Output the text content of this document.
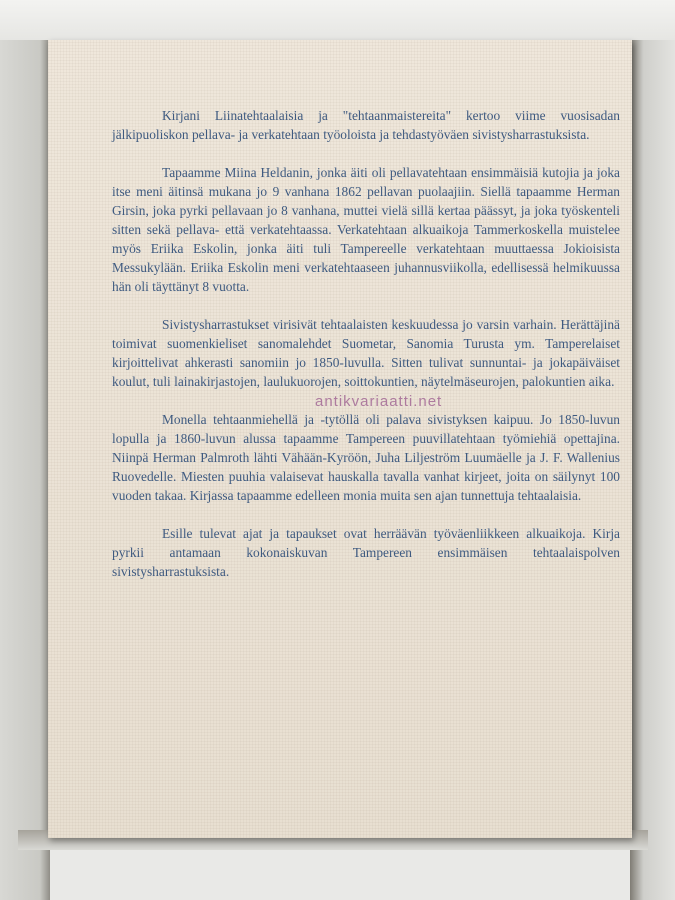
Kirjani Liinatehtaalaisia ja "tehtaanmaistereita" kertoo viime vuosisadan jälkipuoliskon pellava- ja verkatehtaan työoloista ja tehdastyöväen sivistysharrastuksista.

Tapaamme Miina Heldanin, jonka äiti oli pellavatehtaan ensimmäisiä kutojia ja joka itse meni äitinsä mukana jo 9 vanhana 1862 pellavan puolaajiin. Siellä tapaamme Herman Girsin, joka pyrki pellavaan jo 8 vanhana, muttei vielä sillä kertaa päässyt, ja joka työskenteli sitten sekä pellava- että verkatehtaassa. Verkatehtaan alkuaikoja Tammerkoskella muistelee myös Eriika Eskolin, jonka äiti tuli Tampereelle verkatehtaan muuttaessa Jokioisista Messukylään. Eriika Eskolin meni verkatehtaaseen juhannusviikolla, edellisessä helmikuussa hän oli täyttänyt 8 vuotta.

Sivistysharrastukset virisivät tehtaalaisten keskuudessa jo varsin varhain. Herättäjinä toimivat suomenkieliset sanomalehdet Suometar, Sanomia Turusta ym. Tamperelaiset kirjoittelivat ahkerasti sanomiin jo 1850-luvulla. Sitten tulivat sunnuntai- ja jokapäiväiset koulut, tuli lainakirjastojen, laulukuorojen, soittokuntien, näytelmäseurojen, palokuntien aika.

Monella tehtaanmiehellä ja -tytöllä oli palava sivistyksen kaipuu. Jo 1850-luvun lopulla ja 1860-luvun alussa tapaamme Tampereen puuvillatehtaan työmiehiä opettajina. Niinpä Herman Palmroth lähti Vähään-Kyröön, Juha Liljeström Luumäelle ja J. F. Wallenius Ruovedelle. Miesten puuhia valaisevat hauskalla tavalla vanhat kirjeet, joita on säilynyt 100 vuoden takaa. Kirjassa tapaamme edelleen monia muita sen ajan tunnettuja tehtaalaisia.

Esille tulevat ajat ja tapaukset ovat herräävän työväenliikkeen alkuaikoja. Kirja pyrkii antamaan kokonaiskuvan Tampereen ensimmäisen tehtaalaispolven sivistysharrastuksista.

antikvariaatti.net
